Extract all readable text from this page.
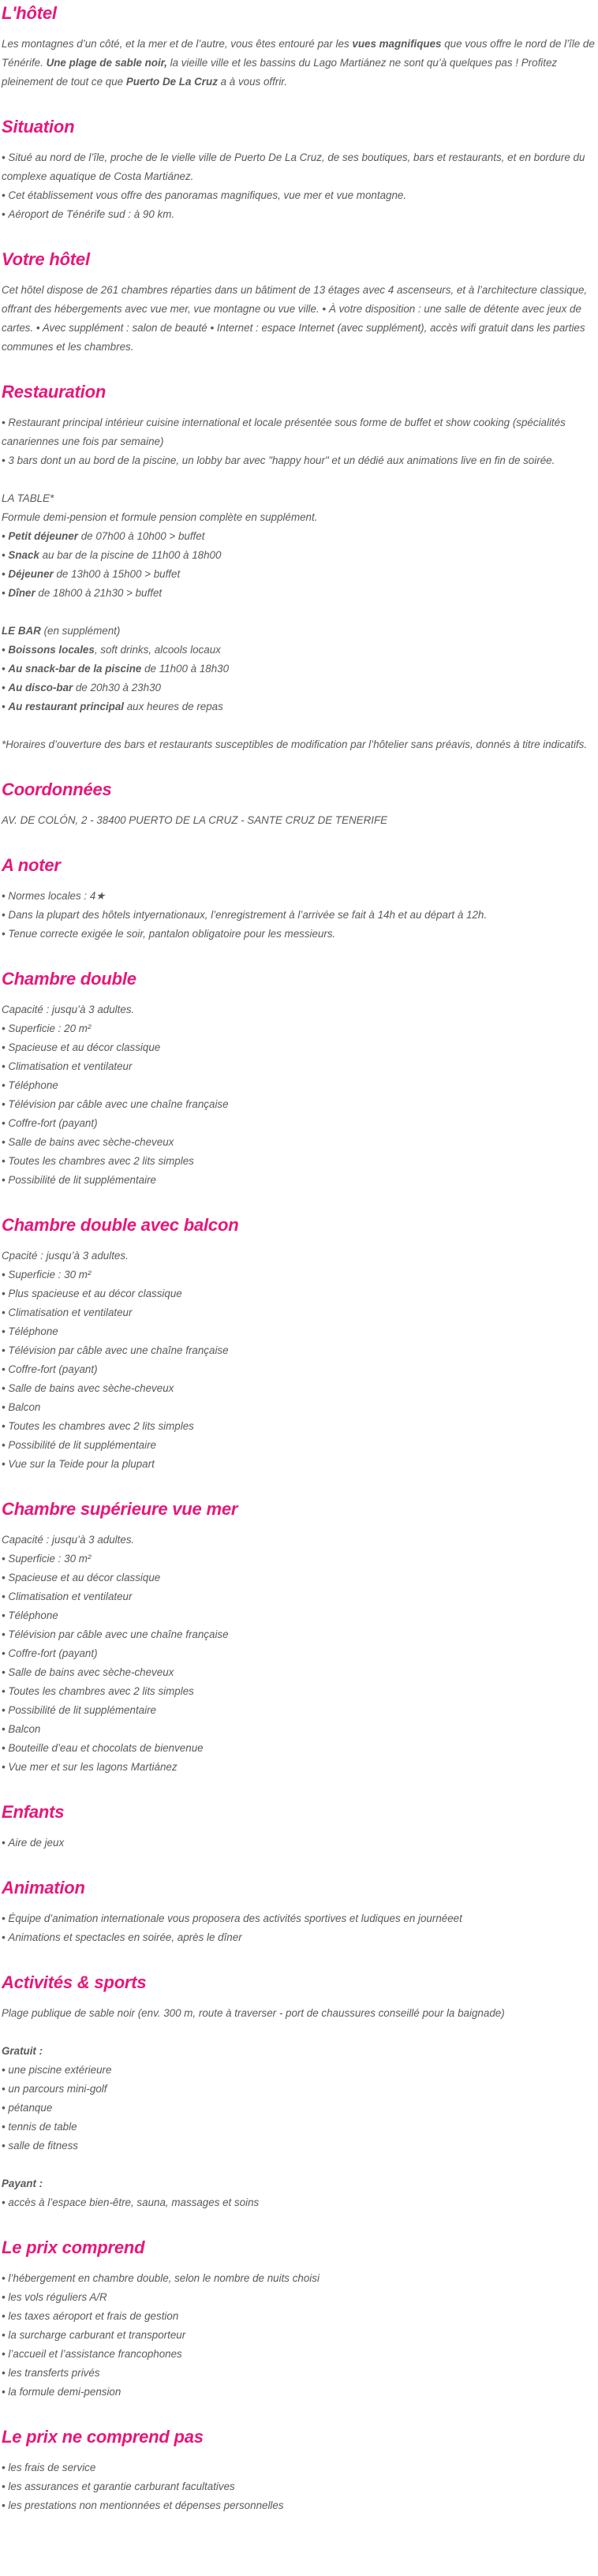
L'hôtel

Les montagnes d’un côté, et la mer et de l’autre, vous êtes entouré par les vues magnifiques que vous offre le nord de l’île de Ténérife. Une plage de sable noir, la vieille ville et les bassins du Lago Martiánez ne sont qu’à quelques pas ! Profitez pleinement de tout ce que Puerto De La Cruz a à vous offrir.

Situation
• Situé au nord de l’île, proche de le vielle ville de Puerto De La Cruz, de ses boutiques, bars et restaurants, et en bordure du complexe aquatique de Costa Martiánez.
• Cet établissement vous offre des panoramas magnifiques, vue mer et vue montagne.
• Aéroport de Ténérife sud : à 90 km.
Votre hôtel

Cet hôtel dispose de 261 chambres réparties dans un bâtiment de 13 étages avec 4 ascenseurs, et à l’architecture classique, offrant des hébergements avec vue mer, vue montagne ou vue ville. • À votre disposition : une salle de détente avec jeux de cartes. • Avec supplément : salon de beauté • Internet : espace Internet (avec supplément), accès wifi gratuit dans les parties communes et les chambres.

Restauration
• Restaurant principal intérieur cuisine international et locale présentée sous forme de buffet et show cooking (spécialités canariennes une fois par semaine)
• 3 bars dont un au bord de la piscine, un lobby bar avec "happy hour" et un dédié aux animations live en fin de soirée.

LA TABLE*

Formule demi-pension et formule pension complète en supplément.

• Petit déjeuner de 07h00 à 10h00 > buffet
• Snack au bar de la piscine de 11h00 à 18h00
• Déjeuner de 13h00 à 15h00 > buffet
• Dîner de 18h00 à 21h30 > buffet

LE BAR (en supplément)

• Boissons locales, soft drinks, alcools locaux
• Au snack-bar de la piscine de 11h00 à 18h30
• Au disco-bar de 20h30 à 23h30
• Au restaurant principal aux heures de repas

*Horaires d’ouverture des bars et restaurants susceptibles de modification par l’hôtelier sans préavis, donnés à titre indicatifs.

Coordonnées

AV. DE COLÓN, 2 - 38400 PUERTO DE LA CRUZ - SANTE CRUZ DE TENERIFE

A noter
• Normes locales : 4★
• Dans la plupart des hôtels intyernationaux, l’enregistrement à l’arrivée se fait à 14h et au départ à 12h.
• Tenue correcte exigée le soir, pantalon obligatoire pour les messieurs.
Chambre double

Capacité : jusqu’à 3 adultes.

• Superficie : 20 m²
• Spacieuse et au décor classique
• Climatisation et ventilateur
• Téléphone
• Télévision par câble avec une chaîne française
• Coffre-fort (payant)
• Salle de bains avec sèche-cheveux
• Toutes les chambres avec 2 lits simples
• Possibilité de lit supplémentaire
Chambre double avec balcon

Cpacité : jusqu’à 3 adultes.

• Superficie : 30 m²
• Plus spacieuse et au décor classique
• Climatisation et ventilateur
• Téléphone
• Télévision par câble avec une chaîne française
• Coffre-fort (payant)
• Salle de bains avec sèche-cheveux
• Balcon
• Toutes les chambres avec 2 lits simples
• Possibilité de lit supplémentaire
• Vue sur la Teide pour la plupart
Chambre supérieure vue mer

Capacité : jusqu’à 3 adultes.

• Superficie : 30 m²
• Spacieuse et au décor classique
• Climatisation et ventilateur
• Téléphone
• Télévision par câble avec une chaîne française
• Coffre-fort (payant)
• Salle de bains avec sèche-cheveux
• Toutes les chambres avec 2 lits simples
• Possibilité de lit supplémentaire
• Balcon
• Bouteille d’eau et chocolats de bienvenue
• Vue mer et sur les lagons Martiánez
Enfants
• Aire de jeux
Animation
• Équipe d’animation internationale vous proposera des activités sportives et ludiques en journéeet
• Animations et spectacles en soirée, après le dîner
Activités & sports

Plage publique de sable noir (env. 300 m, route à traverser - port de chaussures conseillé pour la baignade)

Gratuit :

• une piscine extérieure
• un parcours mini-golf
• pétanque
• tennis de table
• salle de fitness

Payant :

• accès à l’espace bien-être, sauna, massages et soins
Le prix comprend
• l’hébergement en chambre double, selon le nombre de nuits choisi
• les vols réguliers A/R
• les taxes aéroport et frais de gestion
• la surcharge carburant et transporteur
• l’accueil et l’assistance francophones
• les transferts privés
• la formule demi-pension
Le prix ne comprend pas
• les frais de service
• les assurances et garantie carburant facultatives
• les prestations non mentionnées et dépenses personnelles
